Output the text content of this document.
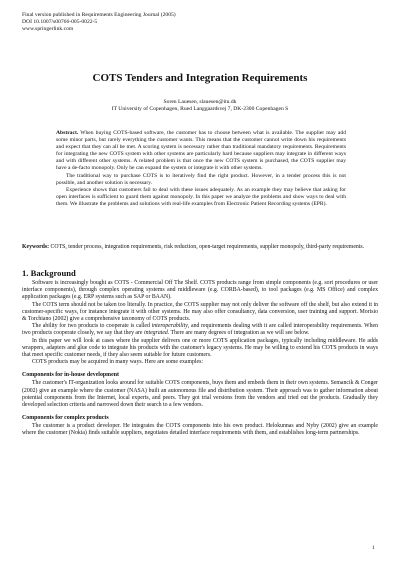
Final version published in Requirements Engineering Journal (2005)
DOI 10.1007/s00766-005-0022-5
www.springerlink.com
COTS Tenders and Integration Requirements
Soren Lauesen, slauesen@itu.dk
IT University of Copenhagen, Rued Langgaardsvej 7, DK-2300 Copenhagen S

Abstract. When buying COTS-based software, the customer has to choose between what is available. The supplier may add some minor parts, but rarely everything the customer wants. This means that the customer cannot write down his requirements and expect that they can all be met. A scoring system is necessary rather than traditional mandatory requirements. Requirements for integrating the new COTS system with other systems are particularly hard because suppliers may integrate in different ways and with different other systems. A related problem is that once the new COTS system is purchased, the COTS supplier may have a de-facto monopoly. Only he can expand the system or integrate it with other systems.

The traditional way to purchase COTS is to iteratively find the right product. However, in a tender process this is not possible, and another solution is necessary.

Experience shows that customers fail to deal with these issues adequately. As an example they may believe that asking for open interfaces is sufficient to guard them against monopoly. In this paper we analyze the problems and show ways to deal with them. We illustrate the problems and solutions with real-life examples from Electronic Patient Recording systems (EPR).

Keywords: COTS, tender process, integration requirements, risk reduction, open-target requirements, supplier monopoly, third-party requirements.
1. Background

Software is increasingly bought as COTS - Commercial Off The Shelf. COTS products range from simple components (e.g. sort procedures or user interface components), through complex operating systems and middleware (e.g. CORBA-based), to tool packages (e.g. MS Office) and complex application packages (e.g. ERP systems such as SAP or BAAN).

The COTS term should not be taken too literally. In practice, the COTS supplier may not only deliver the software off the shelf, but also extend it in customer-specific ways, for instance integrate it with other systems. He may also offer consultancy, data conversion, user training and support. Morisio & Torchiano (2002) give a comprehensive taxonomy of COTS products.

The ability for two products to cooperate is called interoperability, and requirements dealing with it are called interoperability requirements. When two products cooperate closely, we say that they are integrated. There are many degrees of integration as we will see below.

In this paper we will look at cases where the supplier delivers one or more COTS application packages, typically including middleware. He adds wrappers, adapters and glue code to integrate his products with the customer's legacy systems. He may be willing to extend his COTS products in ways that meet specific customer needs, if they also seem suitable for future customers.

COTS products may be acquired in many ways. Here are some examples:

Components for in-house development

The customer's IT-organization looks around for suitable COTS components, buys them and embeds them in their own systems. Semancik & Conger (2002) give an example where the customer (NASA) built an autonomous file and distribution system. Their approach was to gather information about potential components from the Internet, local experts, and peers. They got trial versions from the vendors and tried out the products. Gradually they developed selection criteria and narrowed down their search to a few vendors.

Components for complex products

The customer is a product developer. He integrates the COTS components into his own product. Helokunnas and Nyby (2002) give an example where the customer (Nokia) finds suitable suppliers, negotiates detailed interface requirements with them, and establishes long-term partnerships.

1
